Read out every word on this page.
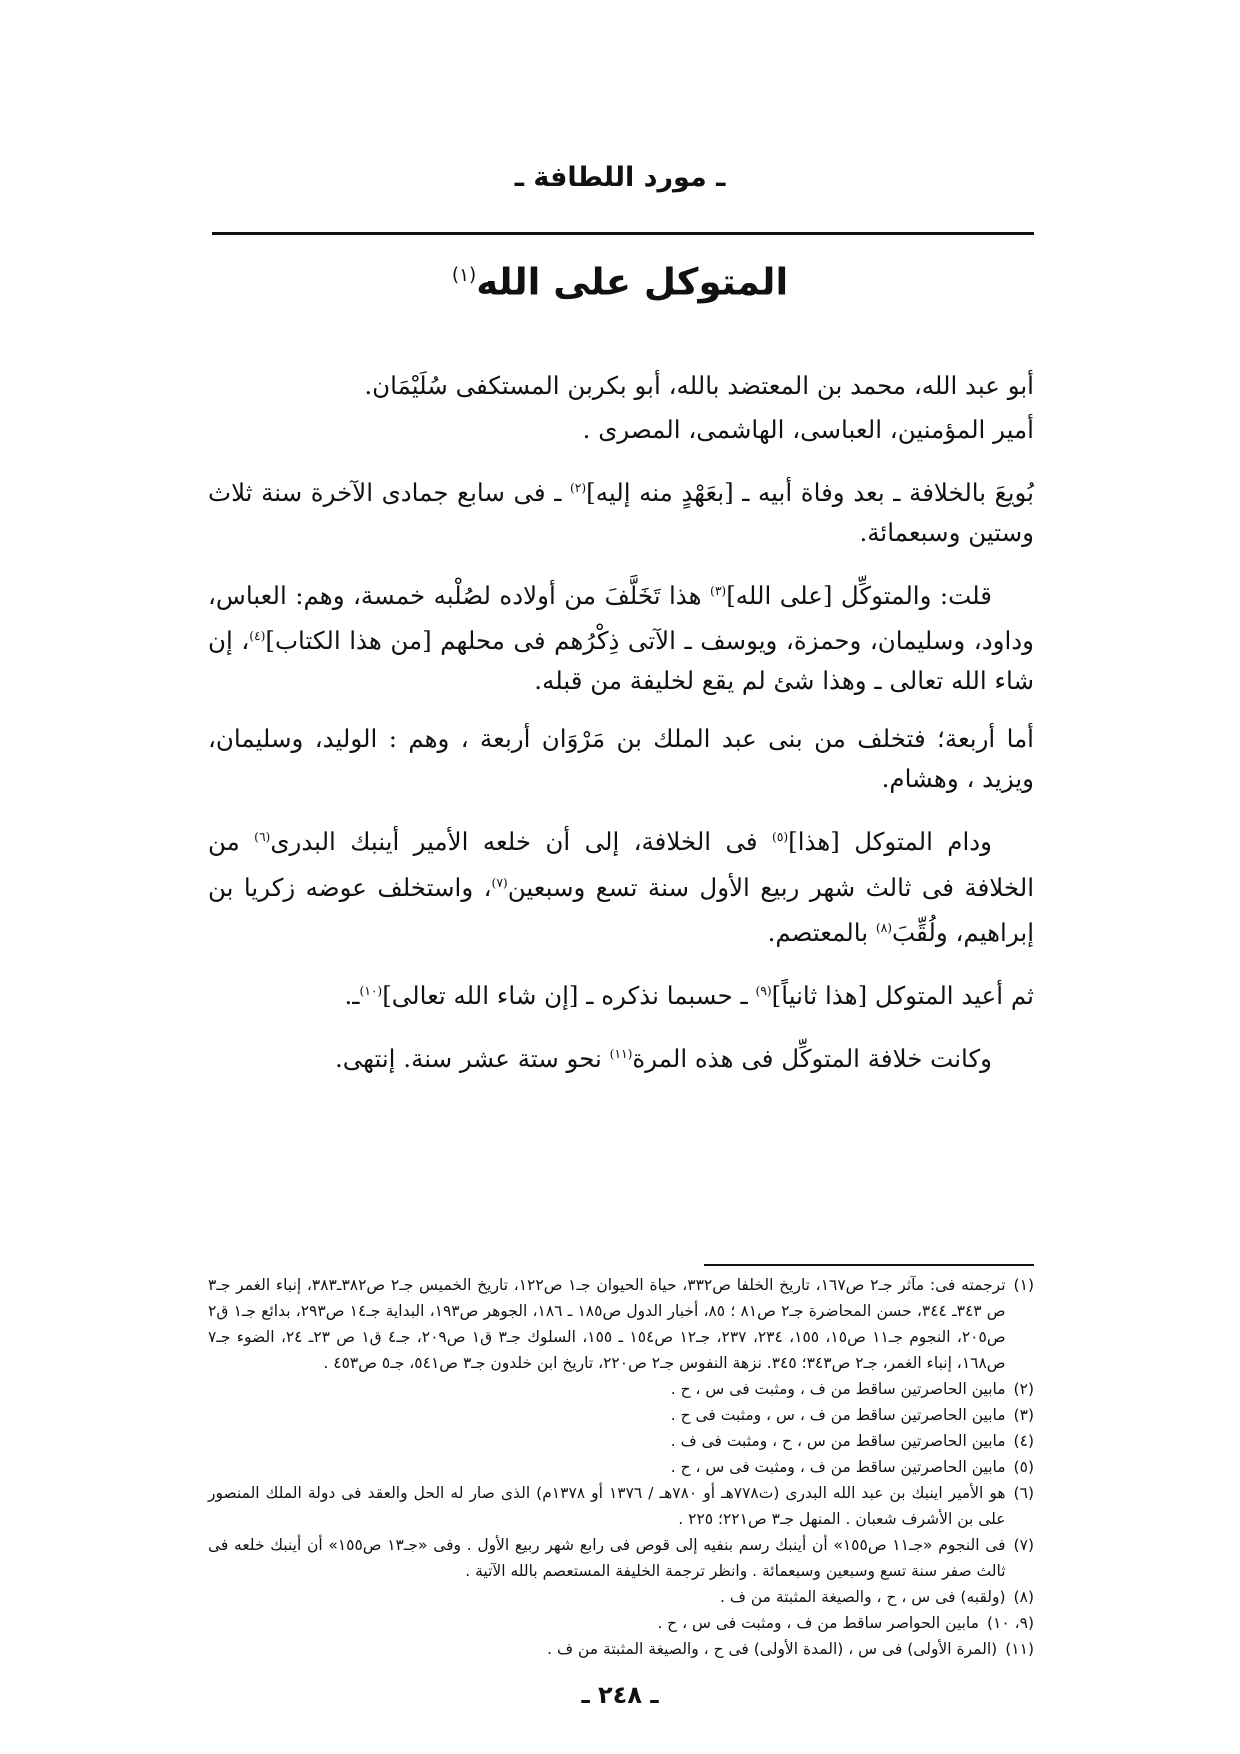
ـ مورد اللطافة ـ
المتوكل على الله$^{(١)}$

أبو عبد الله، محمد بن المعتضد بالله، أبو بكربن المستكفى سُلَيْمَان.

أمير المؤمنين، العباسى، الهاشمى، المصرى .

بُويعَ بالخلافة ـ بعد وفاة أبيه ـ [بعَهْدٍ منه إليه]$^{(٢)}$ ـ فى سابع جمادى الآخرة سنة ثلاث وستين وسبعمائة.

قلت: والمتوكِّل [على الله]$^{(٣)}$ هذا تَخَلَّفَ من أولاده لصُلْبه خمسة، وهم: العباس، وداود، وسليمان، وحمزة، ويوسف ـ الآتى ذِكْرُهم فى محلهم [من هذا الكتاب]$^{(٤)}$، إن شاء الله تعالى ـ وهذا شئ لم يقع لخليفة من قبله.

أما أربعة؛ فتخلف من بنى عبد الملك بن مَرْوَان أربعة ، وهم : الوليد، وسليمان، ويزيد ، وهشام.

ودام المتوكل [هذا]$^{(٥)}$ فى الخلافة، إلى أن خلعه الأمير أينبك البدرى$^{(٦)}$ من الخلافة فى ثالث شهر ربيع الأول سنة تسع وسبعين$^{(٧)}$، واستخلف عوضه زكريا بن إبراهيم، ولُقِّبَ$^{(٨)}$ بالمعتصم.

ثم أعيد المتوكل [هذا ثانياً]$^{(٩)}$ ـ حسبما نذكره ـ [إن شاء الله تعالى]$^{(١٠)}$ـ.

وكانت خلافة المتوكِّل فى هذه المرة$^{(١١)}$ نحو ستة عشر سنة. إنتهى.

(١)
ترجمته فى: مآثر جـ٢ ص١٦٧، تاريخ الخلفا ص٣٣٢، حياة الحيوان جـ١ ص١٢٢، تاريخ الخميس جـ٢ ص٣٨٢ـ٣٨٣، إنباء الغمر جـ٣ ص ٣٤٣ـ ٣٤٤، حسن المحاضرة جـ٢ ص٨١ ؛ ٨٥، أخبار الدول ص١٨٥ ـ ١٨٦، الجوهر ص١٩٣، البداية جـ١٤ ص٢٩٣، بدائع جـ١ ق٢ ص٢٠٥، النجوم جـ١١ ص١٥، ١٥٥، ٢٣٤، ٢٣٧، جـ١٢ ص١٥٤ ـ ١٥٥، السلوك جـ٣ ق١ ص٢٠٩، جـ٤ ق١ ص ٢٣ـ ٢٤، الضوء جـ٧ ص١٦٨، إنباء الغمر، جـ٢ ص٣٤٣؛ ٣٤٥. نزهة النفوس جـ٢ ص٢٢٠، تاريخ ابن خلدون جـ٣ ص٥٤١، جـ٥ ص٤٥٣ .
(٢)
مابين الحاصرتين ساقط من ف ، ومثبت فى س ، ح .
(٣)
مابين الحاصرتين ساقط من ف ، س ، ومثبت فى ح .
(٤)
مابين الحاصرتين ساقط من س ، ح ، ومثبت فى ف .
(٥)
مابين الحاصرتين ساقط من ف ، ومثبت فى س ، ح .
(٦)
هو الأمير اينبك بن عبد الله البدرى (ت٧٧٨هـ أو ٧٨٠هـ / ١٣٧٦ أو ١٣٧٨م) الذى صار له الحل والعقد فى دولة الملك المنصور على بن الأشرف شعبان . المنهل جـ٣ ص٢٢١؛ ٢٢٥ .
(٧)
فى النجوم «جـ١١ ص١٥٥» أن أينبك رسم بنفيه إلى قوص فى رابع شهر ربيع الأول . وفى «جـ١٣ ص١٥٥» أن أينبك خلعه فى ثالث صفر سنة تسع وسبعين وسبعمائة . وانظر ترجمة الخليفة المستعصم بالله الآتية .
(٨)
(ولقبه) فى س ، ح ، والصيغة المثبتة من ف .
(٩، ١٠)
مابين الحواصر ساقط من ف ، ومثبت فى س ، ح .
(١١)
(المرة الأولى) فى س ، (المدة الأولى) فى ح ، والصيغة المثبتة من ف .
ـ ٢٤٨ ـ
